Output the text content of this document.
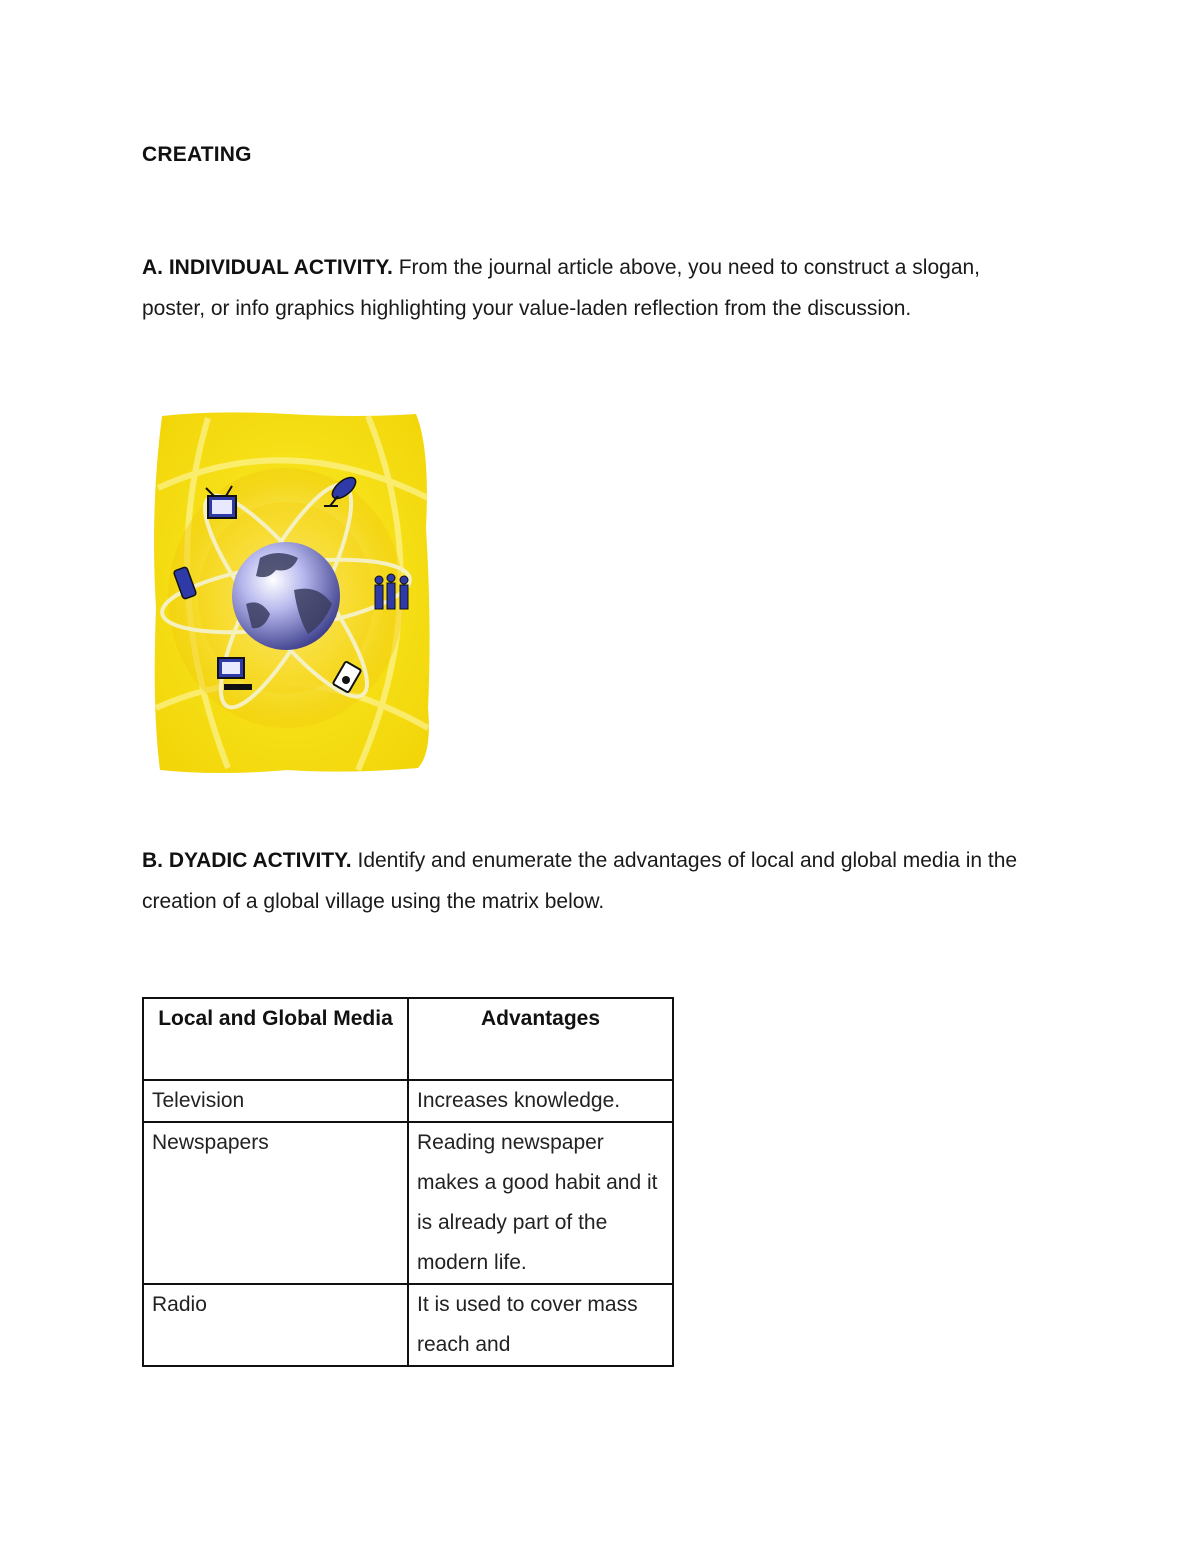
CREATING
A. INDIVIDUAL ACTIVITY. From the journal article above, you need to construct a slogan, poster, or info graphics highlighting your value-laden reflection from the discussion.
B. DYADIC ACTIVITY. Identify and enumerate the advantages of local and global media in the creation of a global village using the matrix below.
Local and Global Media	Advantages
Television	Increases knowledge.
Newspapers	Reading newspaper makes a good habit and it is already part of the modern life.
Radio	It is used to cover mass reach and
